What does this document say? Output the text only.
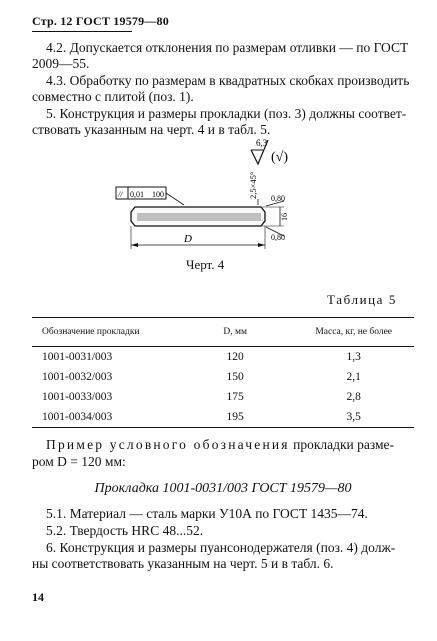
Стр. 12 ГОСТ 19579—80
4.2. Допускается отклонения по размерам отливки — по ГОСТ
2009—55.
4.3. Обработку по размерам в квадратных скобках производить
совместно с плитой (поз. 1).
5. Конструкция и размеры прокладки (поз. 3) должны соответ-
ствовать указанным на черт. 4 и в табл. 5.
6,3
(√)
2,5×45°
// 0,01 100	0,80
0,80
16
D
Черт. 4
Таблица 5
Обозначение прокладки	D, мм	Масса, кг, не более
1001-0031/003	120	1,3
1001-0032/003	150	2,1
1001-0033/003	175	2,8
1001-0034/003	195	3,5
Пример условного обозначения прокладки разме-
ром D = 120 мм:
Прокладка 1001-0031/003 ГОСТ 19579—80
5.1. Материал — сталь марки У10А по ГОСТ 1435—74.
5.2. Твердость HRC 48...52.
6. Конструкция и размеры пуансонодержателя (поз. 4) долж-
ны соответствовать указанным на черт. 5 и в табл. 6.
14
